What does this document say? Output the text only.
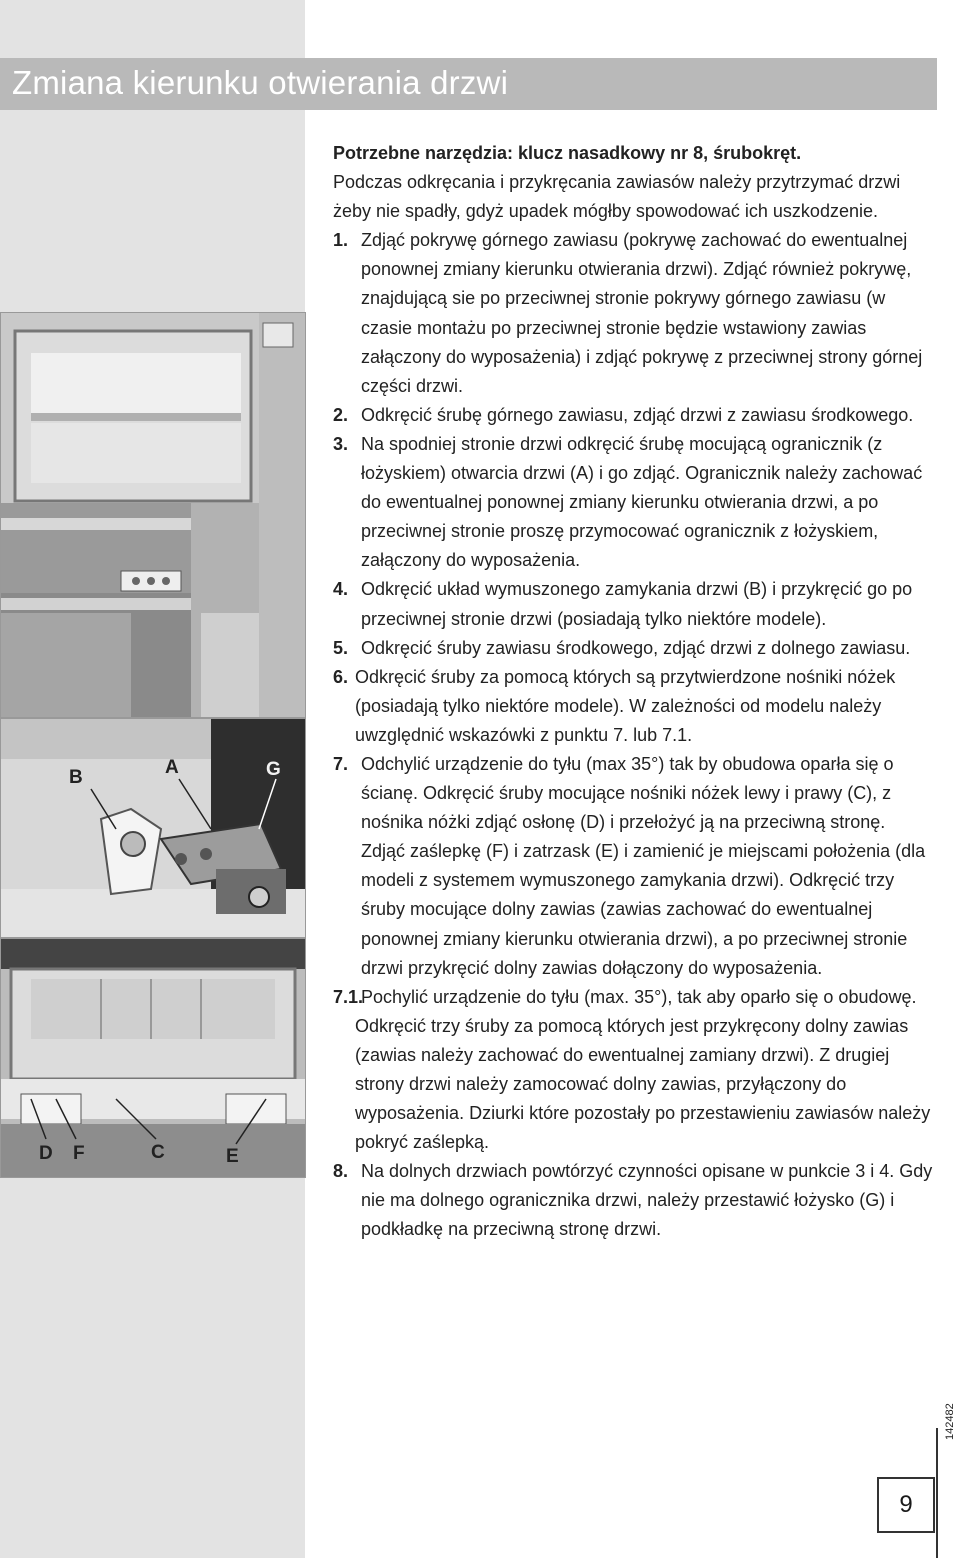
Zmiana kierunku otwierania drzwi
B	A	G
D F	C	E

Potrzebne narzędzia: klucz nasadkowy nr 8, śrubokręt.

Podczas odkręcania i przykręcania zawiasów należy przytrzymać drzwi żeby nie spadły, gdyż upadek mógłby spowodować ich uszkodzenie.

1. Zdjąć pokrywę górnego zawiasu (pokrywę zachować do ewentualnej ponownej zmiany kierunku otwierania drzwi). Zdjąć również pokrywę, znajdującą sie po przeciwnej stronie pokrywy górnego zawiasu (w czasie montażu po przeciwnej stronie będzie wstawiony zawias załączony do wyposażenia) i zdjąć pokrywę z przeciwnej strony górnej części drzwi.
2. Odkręcić śrubę górnego zawiasu, zdjąć drzwi z zawiasu środkowego.
3. Na spodniej stronie drzwi odkręcić śrubę mocującą ogranicznik (z łożyskiem) otwarcia drzwi (A) i go zdjąć. Ogranicznik należy zachować do ewentualnej ponownej zmiany kierunku otwierania drzwi, a po przeciwnej stronie proszę przymocować ogranicznik z łożyskiem, załączony do wyposażenia.
4. Odkręcić układ wymuszonego zamykania drzwi (B) i przykręcić go po przeciwnej stronie drzwi (posiadają tylko niektóre modele).
5. Odkręcić śruby zawiasu środkowego, zdjąć drzwi z dolnego zawiasu.
6. Odkręcić śruby za pomocą których są przytwierdzone nośniki nóżek (posiadają tylko niektóre modele). W zależności od modelu należy uwzględnić wskazówki z punktu 7. lub 7.1.
7. Odchylić urządzenie do tyłu (max 35°) tak by obudowa oparła się o ścianę. Odkręcić śruby mocujące nośniki nóżek lewy i prawy (C), z nośnika nóżki zdjąć osłonę (D) i przełożyć ją na przeciwną stronę. Zdjąć zaślepkę (F) i zatrzask (E) i zamienić je miejscami położenia (dla modeli z systemem wymuszonego zamykania drzwi). Odkręcić trzy śruby mocujące dolny zawias (zawias zachować do ewentualnej ponownej zmiany kierunku otwierania drzwi), a po przeciwnej stronie drzwi przykręcić dolny zawias dołączony do wyposażenia.
7.1.
Pochylić urządzenie do tyłu (max. 35°), tak aby oparło się o obudowę.

Odkręcić trzy śruby za pomocą których jest przykręcony dolny zawias (zawias należy zachować do ewentualnej zamiany drzwi). Z drugiej strony drzwi należy zamocować dolny zawias, przyłączony do wyposażenia. Dziurki które pozostały po przestawieniu zawiasów należy pokryć zaślepką.

8. Na dolnych drzwiach powtórzyć czynności opisane w punkcie 3 i 4. Gdy nie ma dolnego ogranicznika drzwi, należy przestawić łożysko (G) i podkładkę na przeciwną stronę drzwi.
142482
9
